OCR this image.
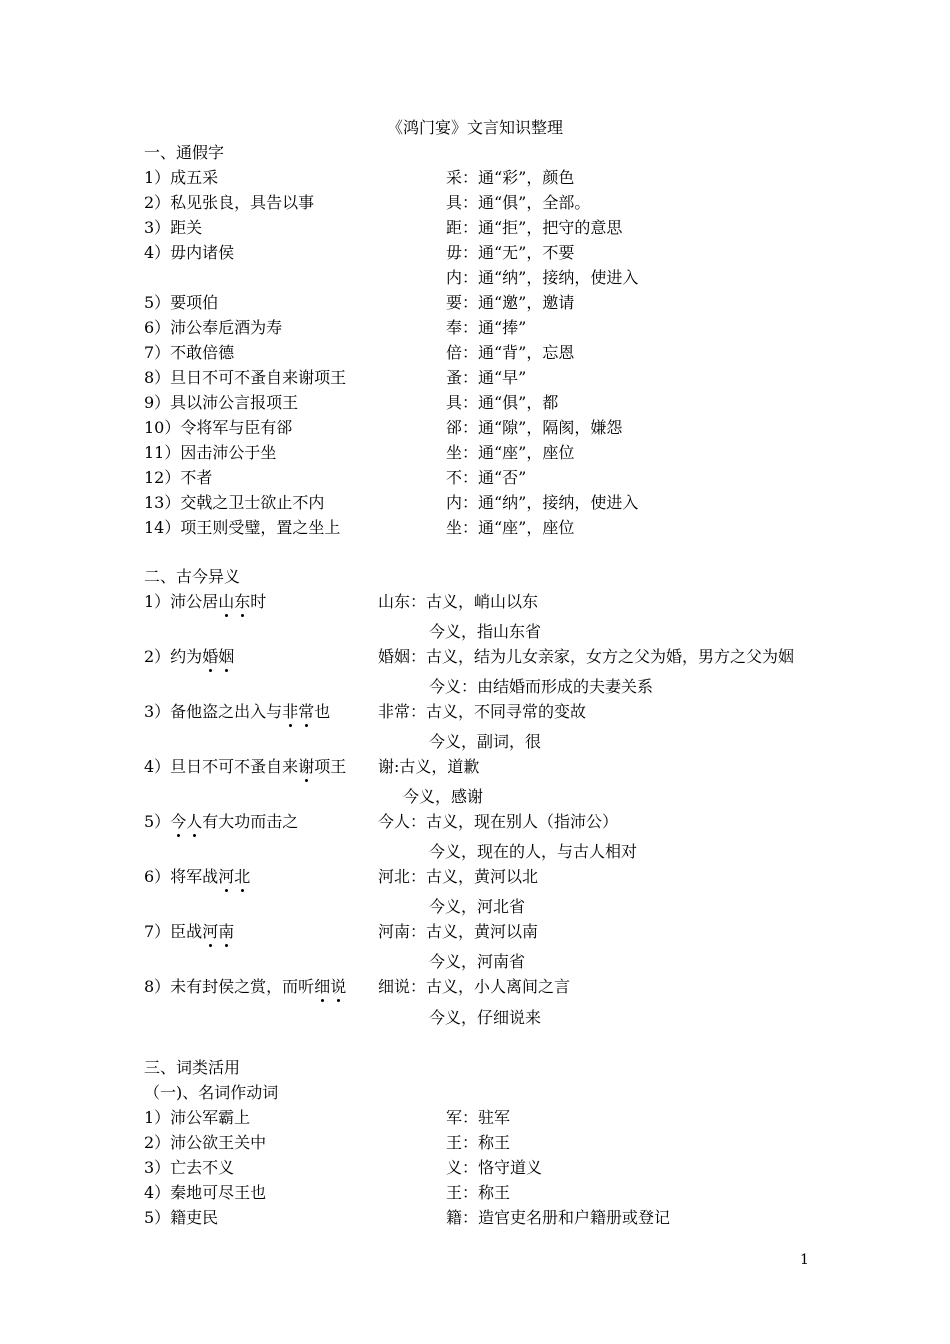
《鸿门宴》文言知识整理
一、通假字
1）成五采	采：通“彩”，颜色
2）私见张良，具告以事	具：通“俱”，全部。
3）距关	距：通“拒”，把守的意思
4）毋内诸侯	毋：通“无”，不要
内：通“纳”，接纳，使进入
5）要项伯	要：通“邀”，邀请
6）沛公奉卮酒为寿	奉：通“捧”
7）不敢倍德	倍：通“背”，忘恩
8）旦日不可不蚤自来谢项王	蚤：通“早”
9）具以沛公言报项王	具：通“俱”，都
10）令将军与臣有郤	郤：通“隙”，隔阂，嫌怨
11）因击沛公于坐	坐：通“座”，座位
12）不者	不：通“否”
13）交戟之卫士欲止不内	内：通“纳”，接纳，使进入
14）项王则受璧，置之坐上	坐：通“座”，座位
二、古今异义
1）沛公居山东时	山东：古义，峭山以东
今义，指山东省
2）约为婚姻	婚姻：古义，结为儿女亲家，女方之父为婚，男方之父为姻
今义：由结婚而形成的夫妻关系
3）备他盗之出入与非常也	非常：古义，不同寻常的变故
今义，副词，很
4）旦日不可不蚤自来谢项王 谢:古义，道歉
今义，感谢
5）今人有大功而击之	今人：古义，现在别人（指沛公）
今义，现在的人，与古人相对
6）将军战河北	河北：古义，黄河以北
今义，河北省
7）臣战河南	河南：古义，黄河以南
今义，河南省
8）未有封侯之赏，而听细说 细说：古义，小人离间之言
今义，仔细说来
三、词类活用
（一)、名词作动词
1）沛公军霸上	军：驻军
2）沛公欲王关中	王：称王
3）亡去不义	义：恪守道义
4）秦地可尽王也	王：称王
5）籍吏民	籍：造官吏名册和户籍册或登记
1
